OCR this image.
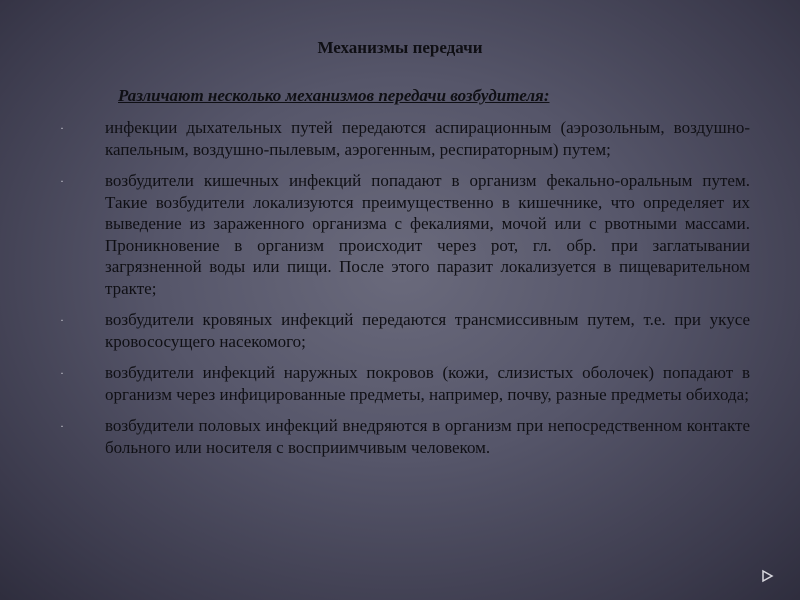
Механизмы передачи
Различают несколько механизмов передачи возбудителя:
· инфекции дыхательных путей передаются аспирационным (аэрозольным, воздушно-капельным, воздушно-пылевым, аэрогенным, респираторным) путем;
· возбудители кишечных инфекций попадают в организм фекально-оральным путем. Такие возбудители локализуются преимущественно в кишечнике, что определяет их выведение из зараженного организма с фекалиями, мочой или с рвотными массами. Проникновение в организм происходит через рот, гл. обр. при заглатывании загрязненной воды или пищи. После этого паразит локализуется в пищеварительном тракте;
· возбудители кровяных инфекций передаются трансмиссивным путем, т.е. при укусе кровососущего насекомого;
· возбудители инфекций наружных покровов (кожи, слизистых оболочек) попадают в организм через инфицированные предметы, например, почву, разные предметы обихода;
· возбудители половых инфекций внедряются в организм при непосредственном контакте больного или носителя с восприимчивым человеком.
